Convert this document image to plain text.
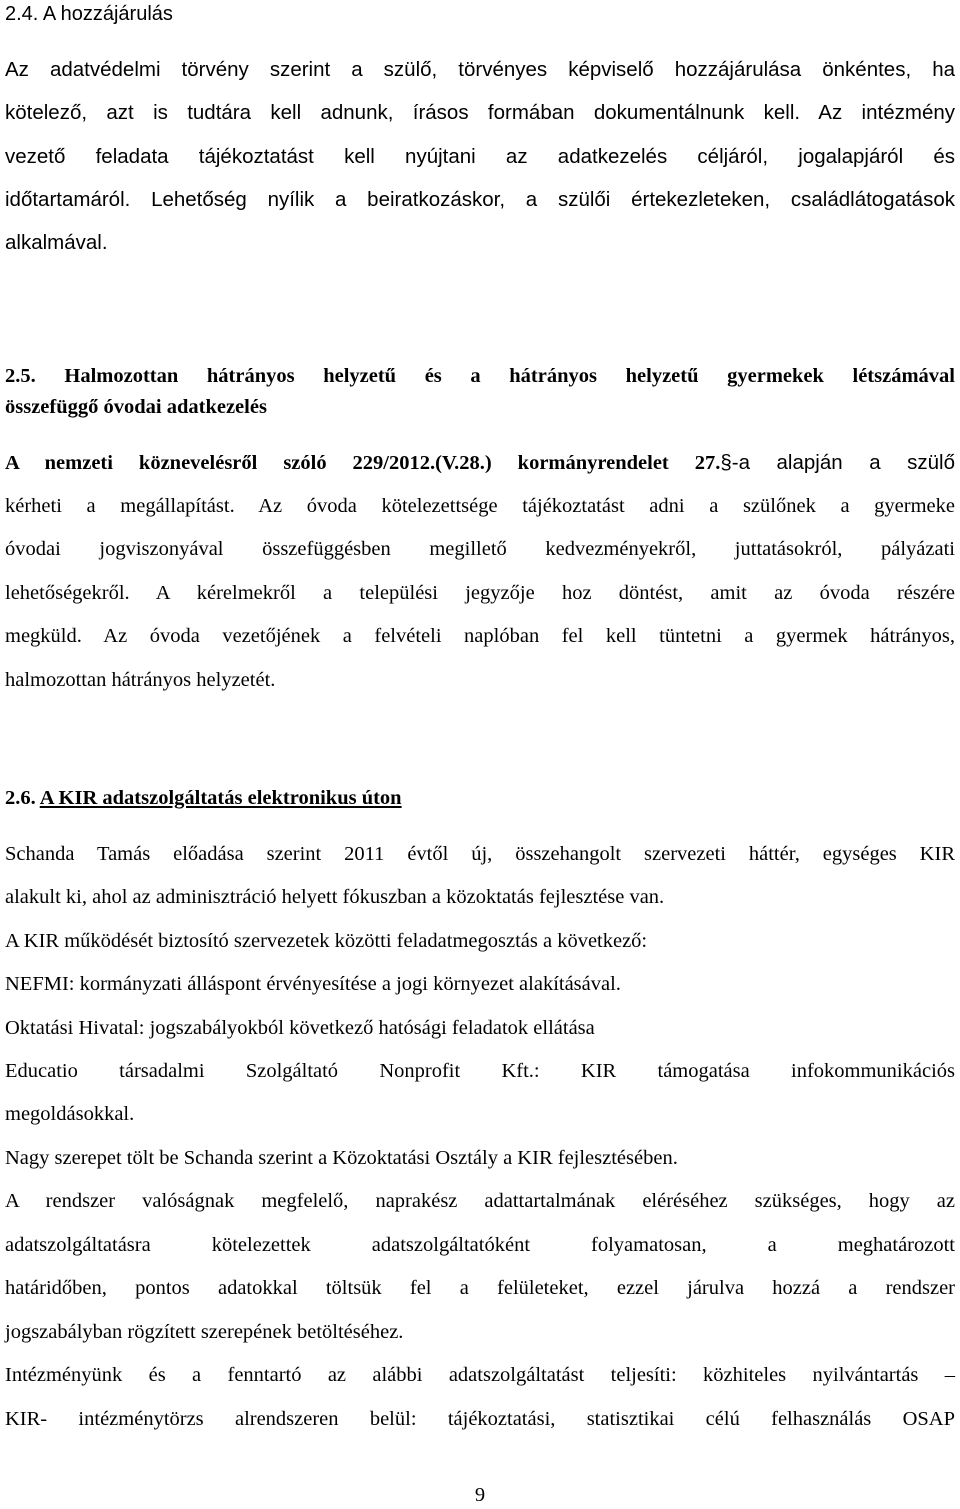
2.4. A hozzájárulás
Az adatvédelmi törvény szerint a szülő, törvényes képviselő hozzájárulása önkéntes, ha
kötelező, azt is tudtára kell adnunk, írásos formában dokumentálnunk kell. Az intézmény
vezető feladata tájékoztatást kell nyújtani az adatkezelés céljáról, jogalapjáról és
időtartamáról. Lehetőség nyílik a beiratkozáskor, a szülői értekezleteken, családlátogatások
alkalmával.
2.5. Halmozottan hátrányos helyzetű és a hátrányos helyzetű gyermekek létszámával
összefüggő óvodai adatkezelés
A nemzeti köznevelésről szóló 229/2012.(V.28.) kormányrendelet 27.§-a alapján a szülő
kérheti a megállapítást. Az óvoda kötelezettsége tájékoztatást adni a szülőnek a gyermeke
óvodai jogviszonyával összefüggésben megillető kedvezményekről, juttatásokról, pályázati
lehetőségekről. A kérelmekről a települési jegyzője hoz döntést, amit az óvoda részére
megküld. Az óvoda vezetőjének a felvételi naplóban fel kell tüntetni a gyermek hátrányos,
halmozottan hátrányos helyzetét.
2.6. A KIR adatszolgáltatás elektronikus úton
Schanda Tamás előadása szerint 2011 évtől új, összehangolt szervezeti háttér, egységes KIR
alakult ki, ahol az adminisztráció helyett fókuszban a közoktatás fejlesztése van.
A KIR működését biztosító szervezetek közötti feladatmegosztás a következő:
NEFMI: kormányzati álláspont érvényesítése a jogi környezet alakításával.
Oktatási Hivatal: jogszabályokból következő hatósági feladatok ellátása
Educatio társadalmi Szolgáltató Nonprofit Kft.: KIR támogatása infokommunikációs
megoldásokkal.
Nagy szerepet tölt be Schanda szerint a Közoktatási Osztály a KIR fejlesztésében.
A rendszer valóságnak megfelelő, naprakész adattartalmának eléréséhez szükséges, hogy az
adatszolgáltatásra kötelezettek adatszolgáltatóként folyamatosan, a meghatározott
határidőben, pontos adatokkal töltsük fel a felületeket, ezzel járulva hozzá a rendszer
jogszabályban rögzített szerepének betöltéséhez.
Intézményünk és a fenntartó az alábbi adatszolgáltatást teljesíti: közhiteles nyilvántartás –
KIR- intézménytörzs alrendszeren belül: tájékoztatási, statisztikai célú felhasználás OSAP
9
